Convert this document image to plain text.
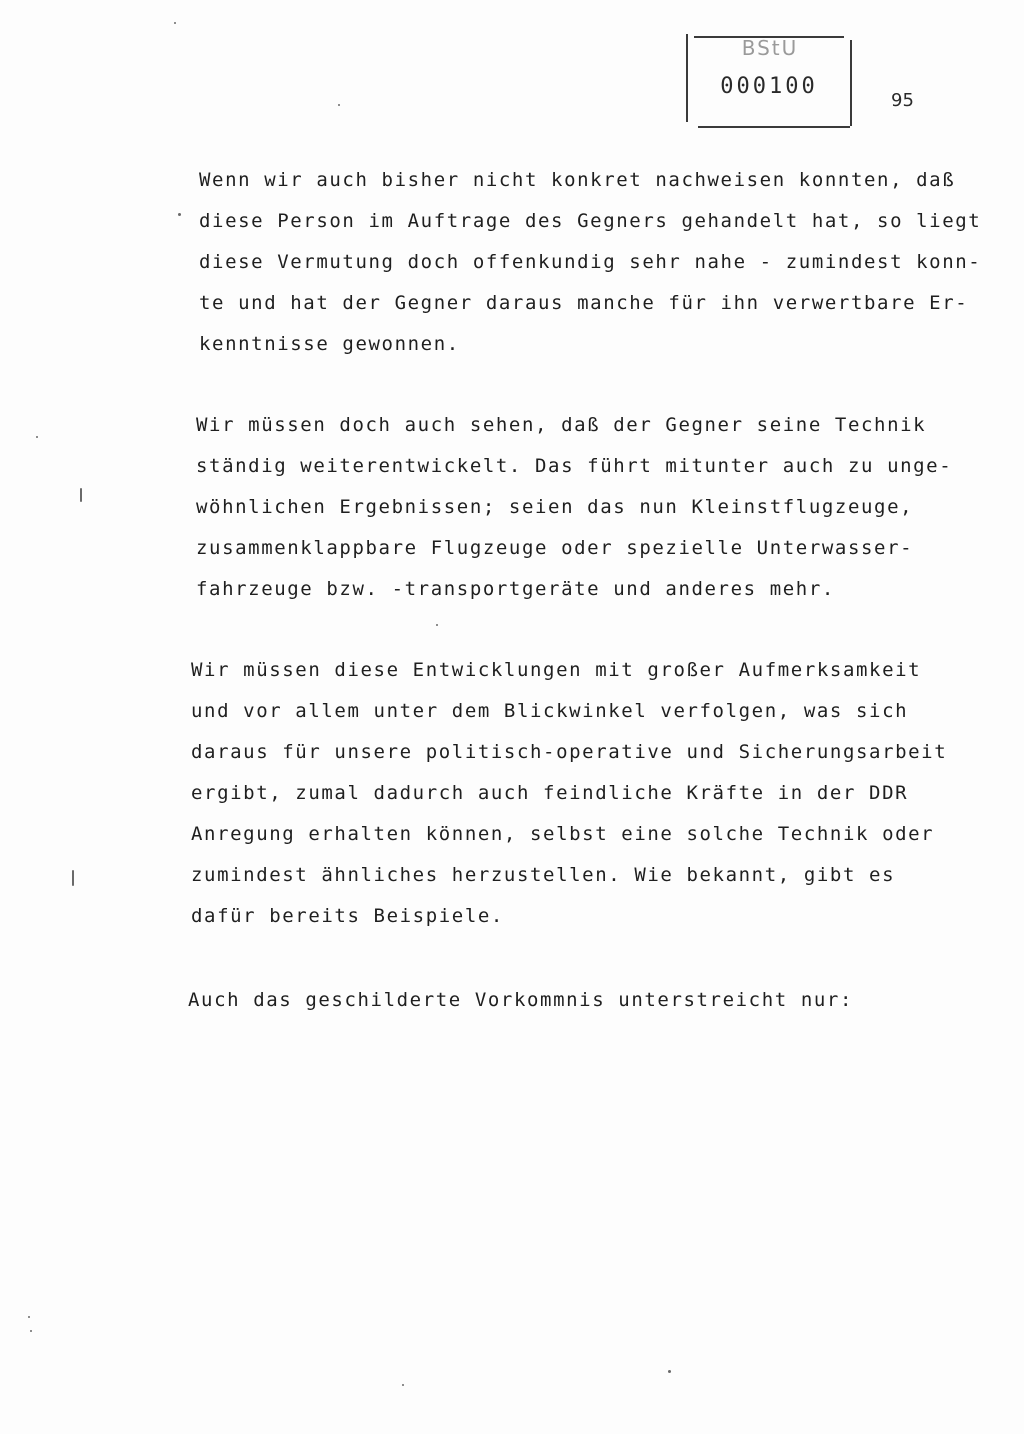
BStU
000100
95

Wenn wir auch bisher nicht konkret nachweisen konnten, daß
diese Person im Auftrage des Gegners gehandelt hat, so liegt
diese Vermutung doch offenkundig sehr nahe - zumindest konn-
te und hat der Gegner daraus manche für ihn verwertbare Er-
kenntnisse gewonnen.

Wir müssen doch auch sehen, daß der Gegner seine Technik
ständig weiterentwickelt. Das führt mitunter auch zu unge-
wöhnlichen Ergebnissen; seien das nun Kleinstflugzeuge,
zusammenklappbare Flugzeuge oder spezielle Unterwasser-
fahrzeuge bzw. -transportgeräte und anderes mehr.

Wir müssen diese Entwicklungen mit großer Aufmerksamkeit
und vor allem unter dem Blickwinkel verfolgen, was sich
daraus für unsere politisch-operative und Sicherungsarbeit
ergibt, zumal dadurch auch feindliche Kräfte in der DDR
Anregung erhalten können, selbst eine solche Technik oder
zumindest ähnliches herzustellen. Wie bekannt, gibt es
dafür bereits Beispiele.

Auch das geschilderte Vorkommnis unterstreicht nur:
